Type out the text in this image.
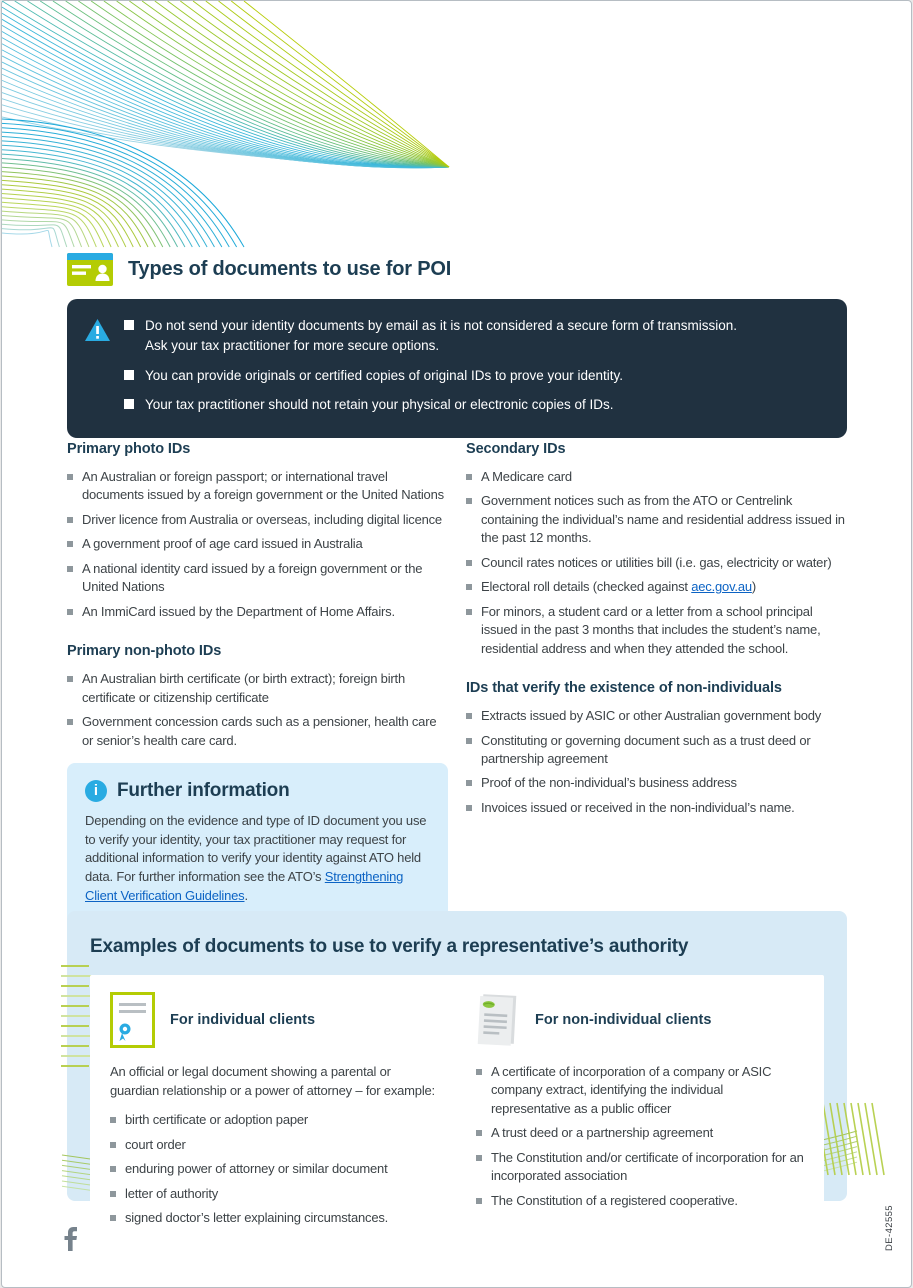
Types of documents to use for POI
Do not send your identity documents by email as it is not considered a secure form of transmission.
Ask your tax practitioner for more secure options.
You can provide originals or certified copies of original IDs to prove your identity.
Your tax practitioner should not retain your physical or electronic copies of IDs.
Primary photo IDs
An Australian or foreign passport; or international travel documents issued by a foreign government or the United Nations
Driver licence from Australia or overseas, including digital licence
A government proof of age card issued in Australia
A national identity card issued by a foreign government or the United Nations
An ImmiCard issued by the Department of Home Affairs.
Primary non-photo IDs
An Australian birth certificate (or birth extract); foreign birth certificate or citizenship certificate
Government concession cards such as a pensioner, health care or senior’s health care card.
i Further information
Depending on the evidence and type of ID document you use to verify your identity, your tax practitioner may request for additional information to verify your identity against ATO held data. For further information see the ATO’s Strengthening Client Verification Guidelines.
Secondary IDs
A Medicare card
Government notices such as from the ATO or Centrelink containing the individual’s name and residential address issued in the past 12 months.
Council rates notices or utilities bill (i.e. gas, electricity or water)
Electoral roll details (checked against aec.gov.au)
For minors, a student card or a letter from a school principal issued in the past 3 months that includes the student’s name, residential address and when they attended the school.
IDs that verify the existence of non-individuals
Extracts issued by ASIC or other Australian government body
Constituting or governing document such as a trust deed or partnership agreement
Proof of the non-individual’s business address
Invoices issued or received in the non-individual’s name.
Examples of documents to use to verify a representative’s authority
For individual clients

An official or legal document showing a parental or guardian relationship or a power of attorney – for example:

birth certificate or adoption paper
court order
enduring power of attorney or similar document
letter of authority
signed doctor’s letter explaining circumstances.
For non-individual clients
A certificate of incorporation of a company or ASIC company extract, identifying the individual representative as a public officer
A trust deed or a partnership agreement
The Constitution and/or certificate of incorporation for an incorporated association
The Constitution of a registered cooperative.
DE-42555
